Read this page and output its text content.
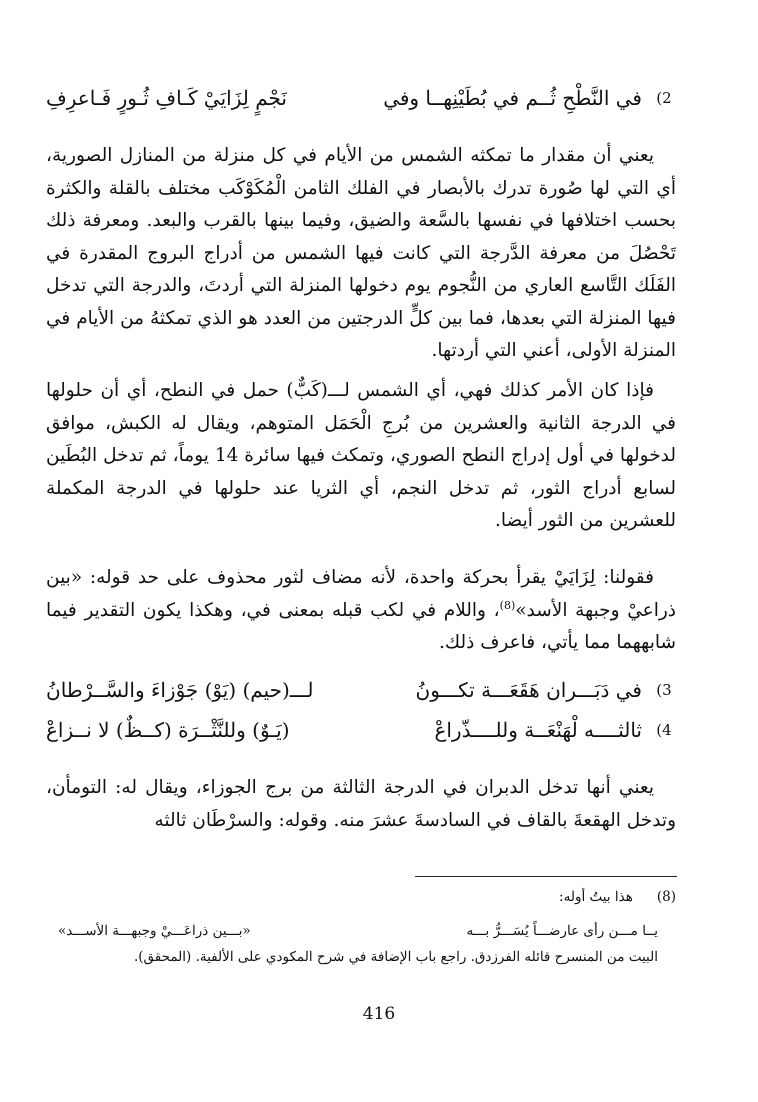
2)
في النَّطْحِ ثُــم في بُطَيْنِهــا وفي
نَجْمٍ لِزَايَيْ كَـافِ ثُـورٍ فَـاعرِفِ
يعني أن مقدار ما تمكثه الشمس من الأيام في كل منزلة من المنازل الصورية، أي التي لها صُورة تدرك بالأبصار في الفلك الثامن الْمُكَوْكَب مختلف بالقلة والكثرة بحسب اختلافها في نفسها بالسَّعة والضيق، وفيما بينها بالقرب والبعد. ومعرفة ذلك تَحْصُلَ من معرفة الدَّرجة التي كانت فيها الشمس من أدراج البروج المقدرة في الفَلَك التَّاسع العاري من النُّجوم يوم دخولها المنزلة التي أردتَ، والدرجة التي تدخل فيها المنزلة التي بعدها، فما بين كلٍّ الدرجتين من العدد هو الذي تمكثهُ من الأيام في المنزلة الأولى، أعني التي أردتها.
فإذا كان الأمر كذلك فهي، أي الشمس لـــ(كَبٌّ) حمل في النطح، أي أن حلولها في الدرجة الثانية والعشرين من بُرجِ الْحَمَل المتوهم، ويقال له الكبش، موافق لدخولها في أول إدراج النطح الصوري، وتمكث فيها سائرة 14 يوماً، ثم تدخل البُطَين لسابع أدراج الثور، ثم تدخل النجم، أي الثريا عند حلولها في الدرجة المكملة للعشرين من الثور أيضا.
فقولنا: لِزَايَيْ يقرأ بحركة واحدة، لأنه مضاف لثور محذوف على حد قوله: «بين ذراعيْ وجبهة الأسد»$^{(8)}$، واللام في لكب قبله بمعنى في، وهكذا يكون التقدير فيما شابههما مما يأتي، فاعرف ذلك.
3)
في دَبَـــران هَقَعَـــة تكـــونُ
لـــ(حيم) (يَوْ) جَوْزاءَ والسَّــرْطانُ
4)
ثالثــــه لْهَنْعَــة وللــــذّراعْ
(يَـوٌ) وللنَّثْــرَة (كــظٌ) لا نــزاعْ
يعني أنها تدخل الدبران في الدرجة الثالثة من برج الجوزاء، ويقال له: التومأن، وتدخل الهقعةَ بالقاف في السادسةَ عشرَ منه. وقوله: والسرْطَان ثالثه
(8)هذا بيتُ أوله:
يــا مـــن رأى عارضـــاً يُسَـــرُّ بـــه
«بـــين ذراعَـــيْ وجبهـــة الأســـد»
البيت من المنسرح قائله الفرزدق. راجع باب الإضافة في شرح المكودي على الألفية. (المحقق).
416
